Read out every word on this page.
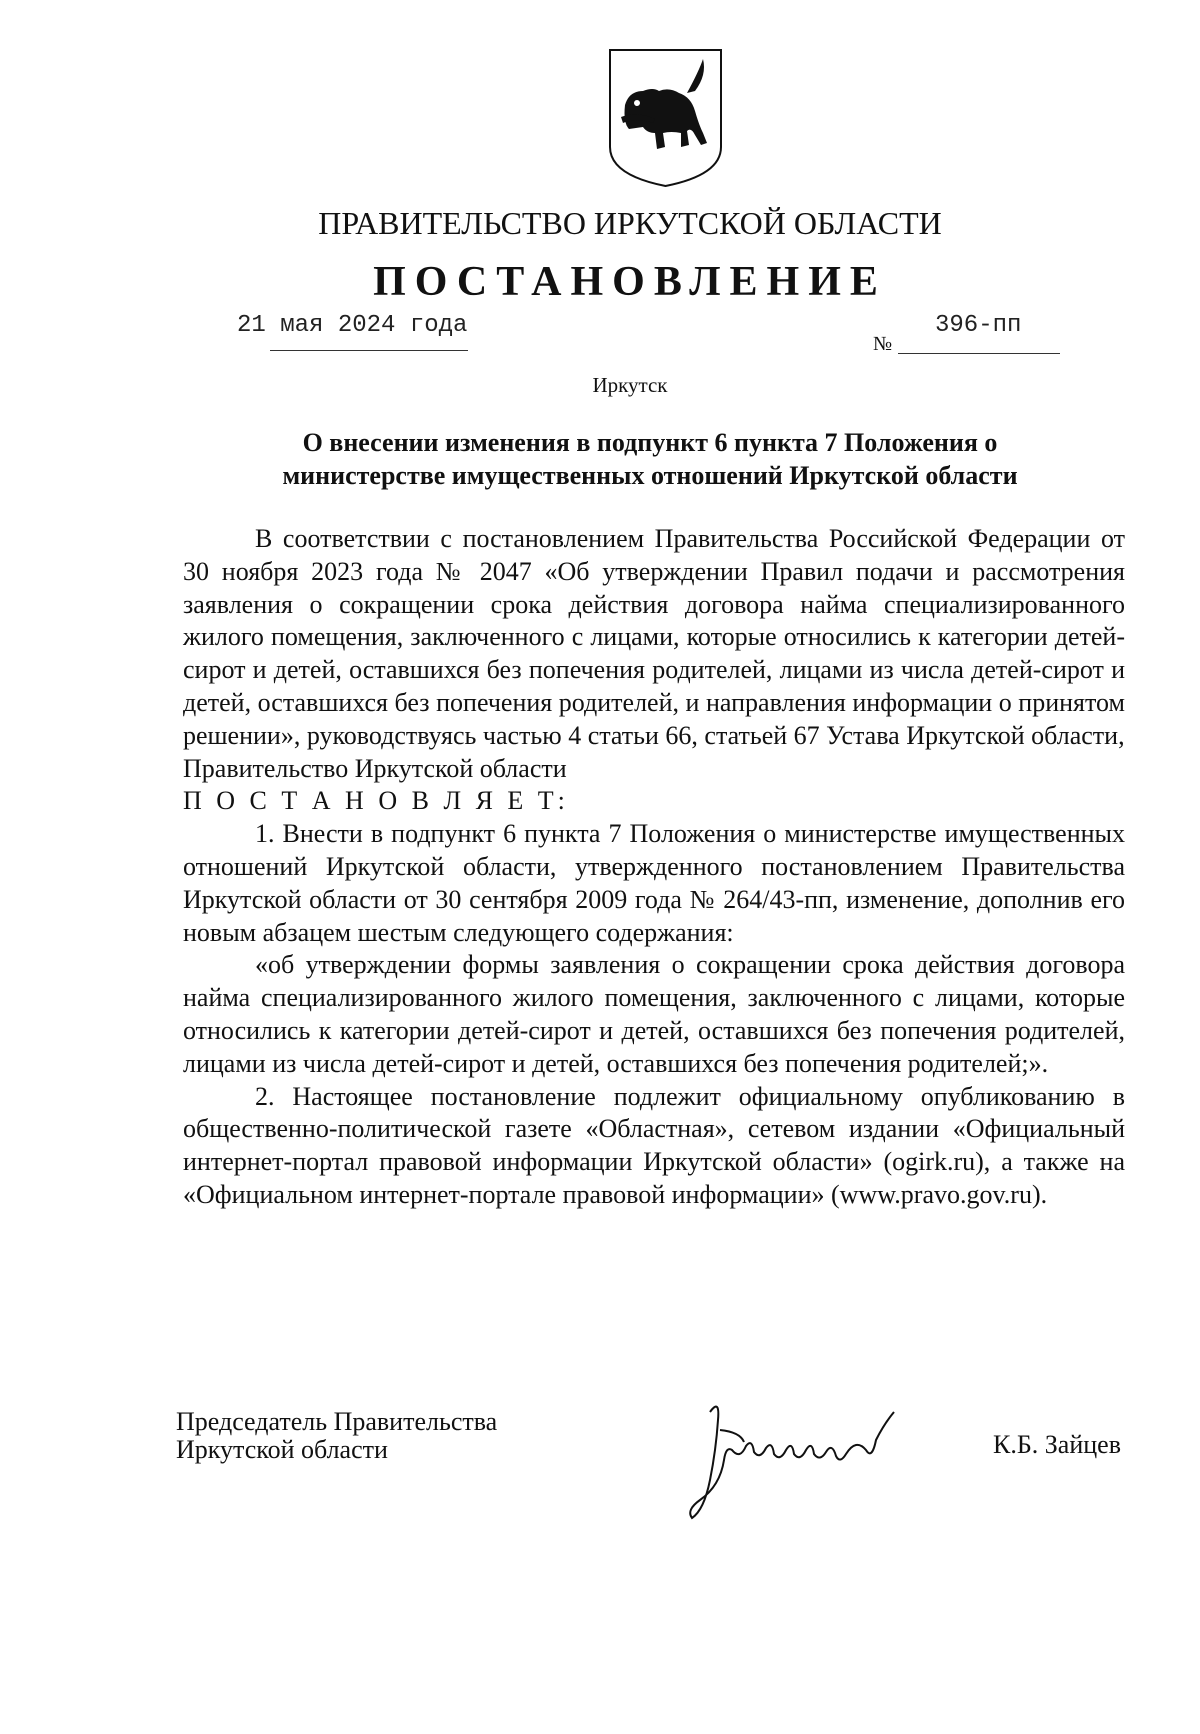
ПРАВИТЕЛЬСТВО ИРКУТСКОЙ ОБЛАСТИ
ПОСТАНОВЛЕНИЕ
21 мая 2024 года
№
396-пп
Иркутск
О внесении изменения в подпункт 6 пункта 7 Положения о
министерстве имущественных отношений Иркутской области

В соответствии с постановлением Правительства Российской Федерации от 30 ноября 2023 года № 2047 «Об утверждении Правил подачи и рассмотрения заявления о сокращении срока действия договора найма специализированного жилого помещения, заключенного с лицами, которые относились к категории детей-сирот и детей, оставшихся без попечения родителей, лицами из числа детей-сирот и детей, оставшихся без попечения родителей, и направления информации о принятом решении», руководствуясь частью 4 статьи 66, статьей 67 Устава Иркутской области,

Правительство Иркутской области

П О С Т А Н О В Л Я Е Т:

1. Внести в подпункт 6 пункта 7 Положения о министерстве имущественных отношений Иркутской области, утвержденного постановлением Правительства Иркутской области от 30 сентября 2009 года № 264/43-пп, изменение, дополнив его новым абзацем шестым следующего содержания:

«об утверждении формы заявления о сокращении срока действия договора найма специализированного жилого помещения, заключенного с лицами, которые относились к категории детей-сирот и детей, оставшихся без попечения родителей, лицами из числа детей-сирот и детей, оставшихся без попечения родителей;».

2. Настоящее постановление подлежит официальному опубликованию в общественно-политической газете «Областная», сетевом издании «Официальный интернет-портал правовой информации Иркутской области» (ogirk.ru), а также на «Официальном интернет-портале правовой информации» (www.pravo.gov.ru).

Председатель Правительства
Иркутской области	К.Б. Зайцев
